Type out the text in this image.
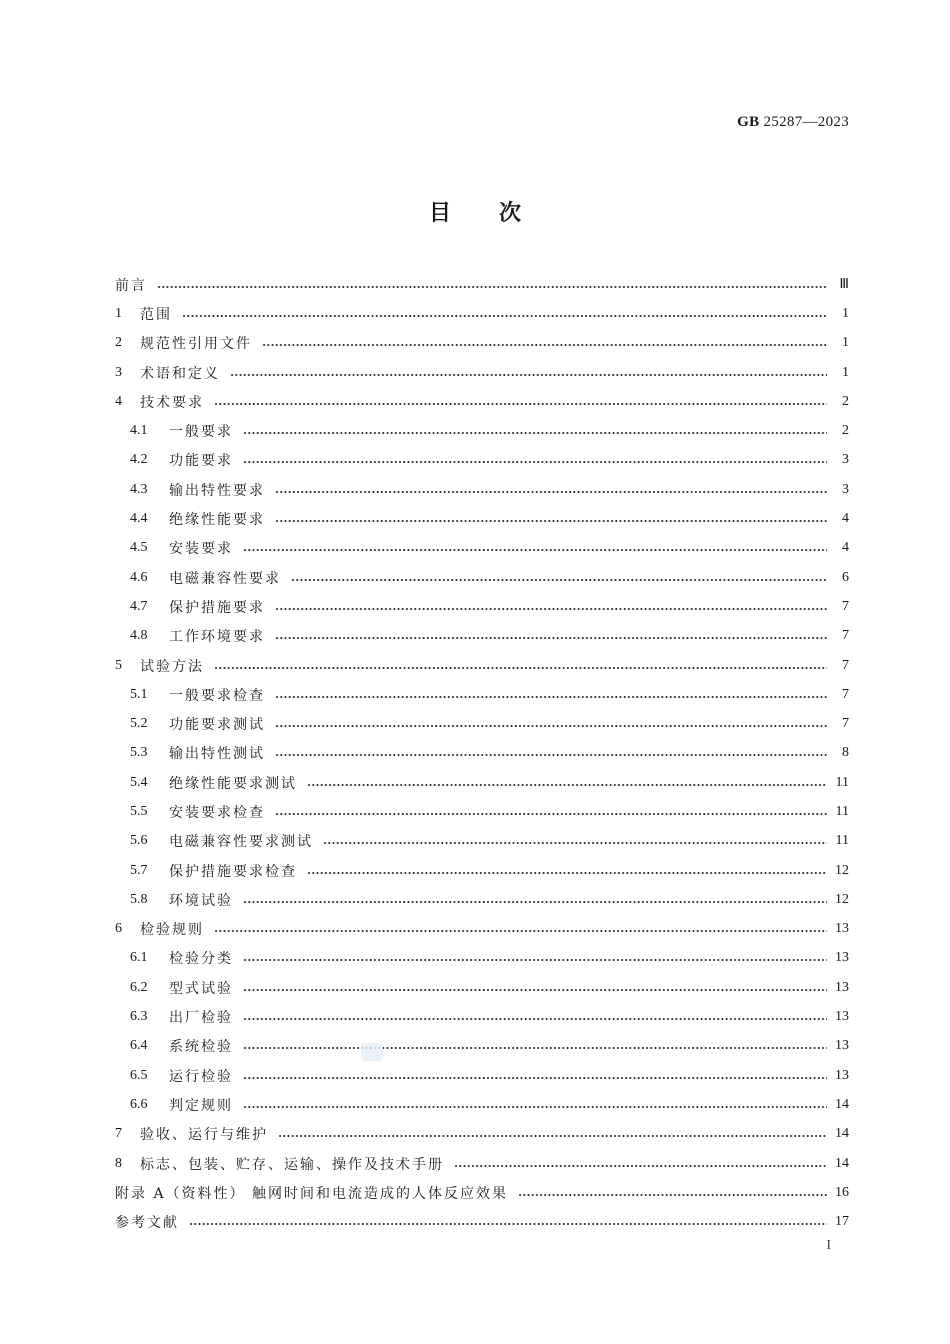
GB 25287—2023
目 次
前言	Ⅲ
1	范围	1
2	规范性引用文件	1
3	术语和定义	1
4	技术要求	2
4.1	一般要求	2
4.2	功能要求	3
4.3	输出特性要求	3
4.4	绝缘性能要求	4
4.5	安装要求	4
4.6	电磁兼容性要求	6
4.7	保护措施要求	7
4.8	工作环境要求	7
5	试验方法	7
5.1	一般要求检查	7
5.2	功能要求测试	7
5.3	输出特性测试	8
5.4	绝缘性能要求测试	11
5.5	安装要求检查	11
5.6	电磁兼容性要求测试	11
5.7	保护措施要求检查	12
5.8	环境试验	12
6	检验规则	13
6.1	检验分类	13
6.2	型式试验	13
6.3	出厂检验	13
6.4	系统检验	13
6.5	运行检验	13
6.6	判定规则	14
7	验收、运行与维护	14
8	标志、包装、贮存、运输、操作及技术手册	14
附录 A（资料性） 触网时间和电流造成的人体反应效果	16
参考文献	17
I
